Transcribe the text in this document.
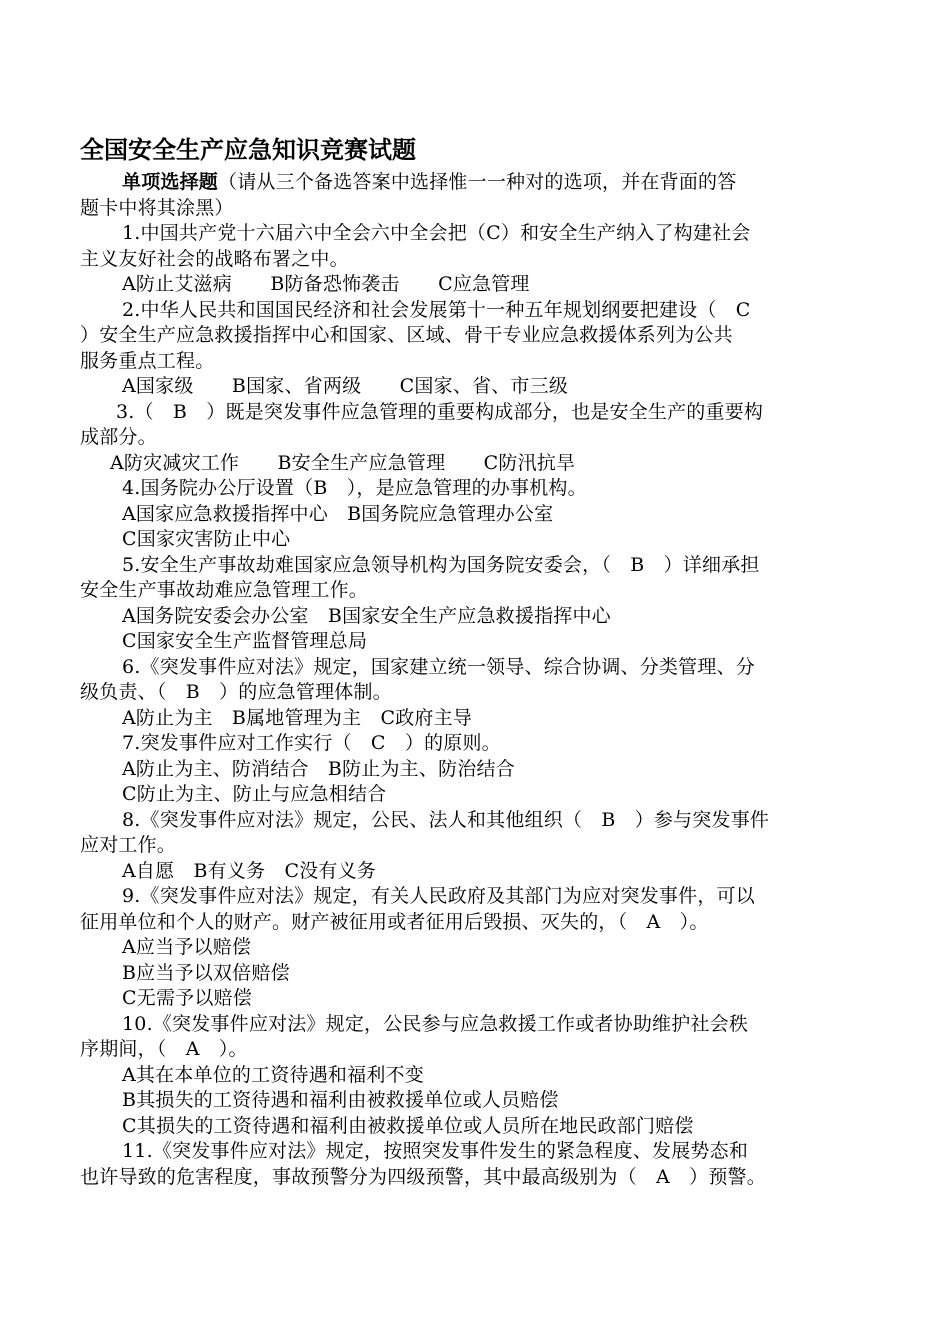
全国安全生产应急知识竞赛试题
单项选择题（请从三个备选答案中选择惟一一种对的选项，并在背面的答
题卡中将其涂黑）
1.中国共产党十六届六中全会六中全会把（C）和安全生产纳入了构建社会
主义友好社会的战略布署之中。
A防止艾滋病　　B防备恐怖袭击　　C应急管理
2.中华人民共和国国民经济和社会发展第十一种五年规划纲要把建设（　C
）安全生产应急救援指挥中心和国家、区域、骨干专业应急救援体系列为公共
服务重点工程。
A国家级　　B国家、省两级　　C国家、省、市三级
3.（　B　）既是突发事件应急管理的重要构成部分，也是安全生产的重要构
成部分。
A防灾减灾工作　　B安全生产应急管理　　C防汛抗旱
4.国务院办公厅设置（B　），是应急管理的办事机构。
A国家应急救援指挥中心　B国务院应急管理办公室
C国家灾害防止中心
5.安全生产事故劫难国家应急领导机构为国务院安委会，（　B　）详细承担
安全生产事故劫难应急管理工作。
A国务院安委会办公室　B国家安全生产应急救援指挥中心
C国家安全生产监督管理总局
6.《突发事件应对法》规定，国家建立统一领导、综合协调、分类管理、分
级负责、（　B　）的应急管理体制。
A防止为主　B属地管理为主　C政府主导
7.突发事件应对工作实行（　C　）的原则。
A防止为主、防消结合　B防止为主、防治结合
C防止为主、防止与应急相结合
8.《突发事件应对法》规定，公民、法人和其他组织（　B　）参与突发事件
应对工作。
A自愿　B有义务　C没有义务
9.《突发事件应对法》规定，有关人民政府及其部门为应对突发事件，可以
征用单位和个人的财产。财产被征用或者征用后毁损、灭失的，（　A　）。
A应当予以赔偿
B应当予以双倍赔偿
C无需予以赔偿
10.《突发事件应对法》规定，公民参与应急救援工作或者协助维护社会秩
序期间，（　A　）。
A其在本单位的工资待遇和福利不变
B其损失的工资待遇和福利由被救援单位或人员赔偿
C其损失的工资待遇和福利由被救援单位或人员所在地民政部门赔偿
11.《突发事件应对法》规定，按照突发事件发生的紧急程度、发展势态和
也许导致的危害程度，事故预警分为四级预警，其中最高级别为（　A　）预警。
